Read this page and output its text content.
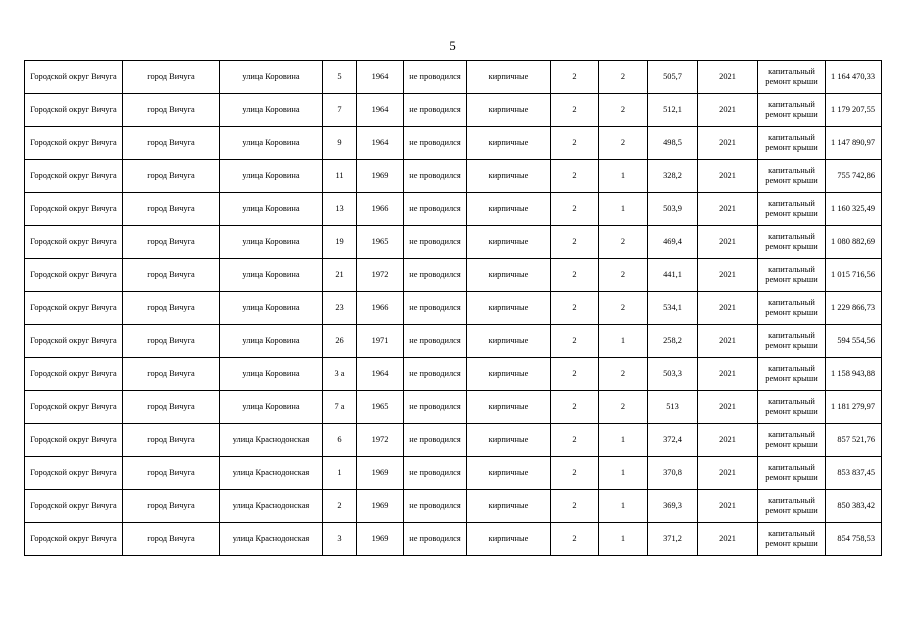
5
Городской округ Вичуга	город Вичуга	улица Коровина	5	1964	не проводился	кирпичные	2	2	505,7	2021	капитальный ремонт крыши	1 164 470,33
Городской округ Вичуга	город Вичуга	улица Коровина	7	1964	не проводился	кирпичные	2	2	512,1	2021	капитальный ремонт крыши	1 179 207,55
Городской округ Вичуга	город Вичуга	улица Коровина	9	1964	не проводился	кирпичные	2	2	498,5	2021	капитальный ремонт крыши	1 147 890,97
Городской округ Вичуга	город Вичуга	улица Коровина	11	1969	не проводился	кирпичные	2	1	328,2	2021	капитальный ремонт крыши	755 742,86
Городской округ Вичуга	город Вичуга	улица Коровина	13	1966	не проводился	кирпичные	2	1	503,9	2021	капитальный ремонт крыши	1 160 325,49
Городской округ Вичуга	город Вичуга	улица Коровина	19	1965	не проводился	кирпичные	2	2	469,4	2021	капитальный ремонт крыши	1 080 882,69
Городской округ Вичуга	город Вичуга	улица Коровина	21	1972	не проводился	кирпичные	2	2	441,1	2021	капитальный ремонт крыши	1 015 716,56
Городской округ Вичуга	город Вичуга	улица Коровина	23	1966	не проводился	кирпичные	2	2	534,1	2021	капитальный ремонт крыши	1 229 866,73
Городской округ Вичуга	город Вичуга	улица Коровина	26	1971	не проводился	кирпичные	2	1	258,2	2021	капитальный ремонт крыши	594 554,56
Городской округ Вичуга	город Вичуга	улица Коровина	3 а	1964	не проводился	кирпичные	2	2	503,3	2021	капитальный ремонт крыши	1 158 943,88
Городской округ Вичуга	город Вичуга	улица Коровина	7 а	1965	не проводился	кирпичные	2	2	513	2021	капитальный ремонт крыши	1 181 279,97
Городской округ Вичуга	город Вичуга	улица Краснодонская	6	1972	не проводился	кирпичные	2	1	372,4	2021	капитальный ремонт крыши	857 521,76
Городской округ Вичуга	город Вичуга	улица Краснодонская	1	1969	не проводился	кирпичные	2	1	370,8	2021	капитальный ремонт крыши	853 837,45
Городской округ Вичуга	город Вичуга	улица Краснодонская	2	1969	не проводился	кирпичные	2	1	369,3	2021	капитальный ремонт крыши	850 383,42
Городской округ Вичуга	город Вичуга	улица Краснодонская	3	1969	не проводился	кирпичные	2	1	371,2	2021	капитальный ремонт крыши	854 758,53
